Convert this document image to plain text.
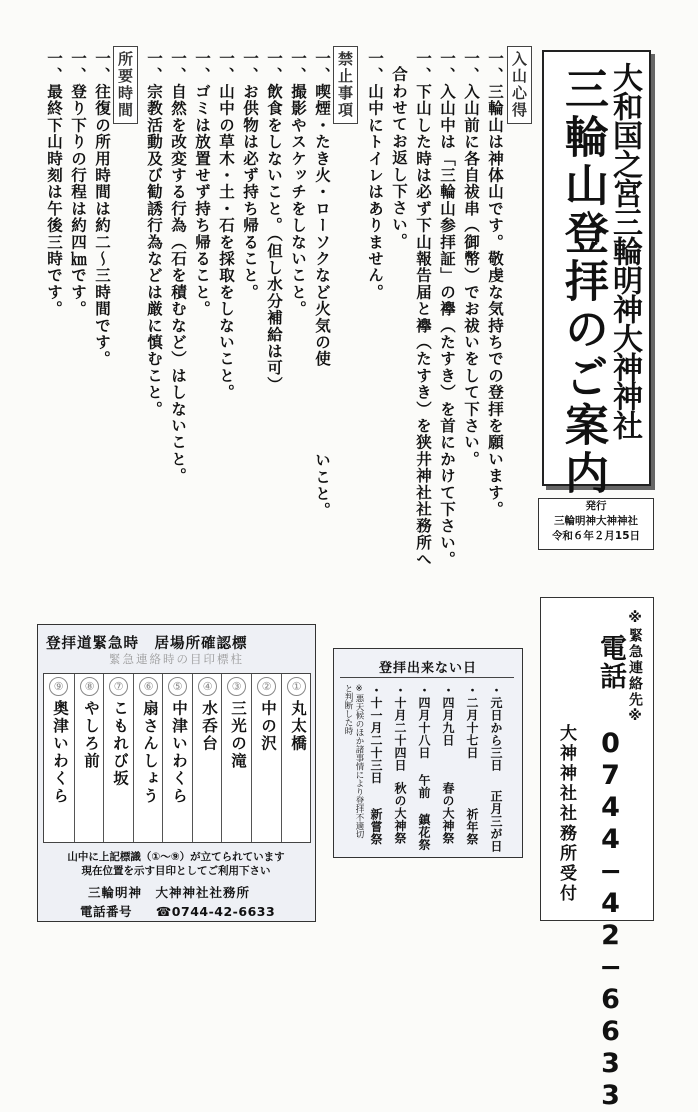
大和国之宮三輪明神大神神社
三輪山登拝のご案内
発行
三輪明神大神神社
令和６年２月15日
入山心得
一、三輪山は神体山です。敬虔な気持ちでの登拝を願います。
一、入山前に各自祓串（御幣）でお祓いをして下さい。
一、入山中は「三輪山参拝証」の襷（たすき）を首にかけて下さい。
一、下山した時は必ず下山報告届と襷（たすき）を狭井神社社務所へ
合わせてお返し下さい。
一、山中にトイレはありません。
禁止事項
一、喫煙・たき火・ローソクなど火気の使
いこと。
一、撮影やスケッチをしないこと。
一、飲食をしないこと。（但し水分補給は可）
一、お供物は必ず持ち帰ること。
一、山中の草木・土・石を採取をしないこと。
一、ゴミは放置せず持ち帰ること。
一、自然を改変する行為（石を積むなど）はしないこと。
一、宗教活動及び勧誘行為などは厳に慎むこと。
所要時間
一、往復の所用時間は約二〜三時間です。
一、登り下りの行程は約四㎞です。
一、最終下山時刻は午後三時です。
※緊急連絡先※
電話 0744−42−6633
大神神社社務所受付
登拝出来ない日
・元日から三日
正月三が日
・二月十七日
祈年祭
・四月九日
春の大神祭
・四月十八日
午前 鎮花祭
・十月二十四日
秋の大神祭
・十一月二十三日
新嘗祭
※悪天候のほか諸事情により登拝不適切と判断した時
登拝道緊急時　居場所確認標
緊急連絡時の目印標柱
①
丸太橋
②
中の沢
③
三光の滝
④
水呑台
⑤
中津いわくら
⑥
扇さんしょう
⑦
こもれび坂
⑧
やしろ前
⑨
奥津いわくら
山中に上記標識（①〜⑨）が立てられています
現在位置を示す目印としてご利用下さい
三輪明神　大神神社社務所
電話番号 ☎0744-42-6633
